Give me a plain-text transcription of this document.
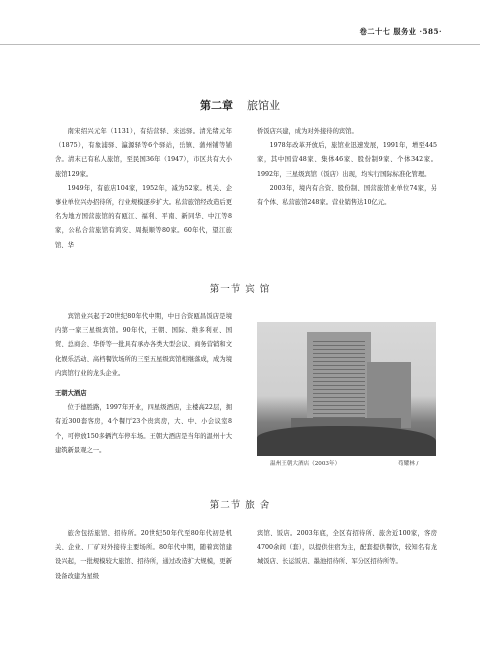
卷二十七 服务业 ·585·
第二章 旅馆业

南宋绍兴元年（1131），有结营驿、来远驿。清光绪元年（1875），有象浦驿、瀛源驿等6个驿站，岳镇、蒲州铺等铺舍。清末已有私人旅馆，至民国36年（1947），市区共有大小旅馆129家。

1949年，有旅店104家，1952年，减为52家。机关、企事业单位兴办招待所，行业规模逐步扩大。私营旅馆经改造后更名为地方国营旅馆的有瓯江、福利、平南、新同华、中江等8家，公私合营旅馆有鸿安、周振顺等80家。60年代，望江旅馆、华

侨饭店兴建，成为对外接待的宾馆。

1978年改革开放后，旅馆业迅速发展，1991年，增至445家，其中国营48家、集体46家、股份制9家、个体342家。1992年，三星级宾馆（饭店）出现，均实行国际标准化管理。

2003年，境内有合资、股份制、国营旅馆业单位74家，另有个体、私营旅馆248家。营业销售达10亿元。

第一节 宾 馆

宾馆业兴起于20世纪80年代中期，中日合资瓯昌饭店是境内第一家三星级宾馆。90年代，王朝、国际、维多利亚、国贸、总商会、华侨等一批具有承办各类大型会议、商务营销和文化娱乐活动、高档餐饮场所的三至五星级宾馆相继落成，成为境内宾馆行业的龙头企业。

王朝大酒店

位于德胜路，1997年开业，四星级酒店，主楼高22层，拥有近300套客房，4个餐厅23个贵宾房，大、中、小会议室8个，可停放150多辆汽车停车场。王朝大酒店是当年的温州十大建筑新景观之一。

温州王朝大酒店（2003年）	苟耀林 /
第二节 旅 舍

旅舍包括旅馆、招待所。20世纪50年代至80年代初是机关、企业、厂矿对外接待主要场所。80年代中期，随着宾馆建设兴起，一批规模较大旅馆、招待所，通过改造扩大规模，更新设备改建为星级

宾馆、饭店。2003年底，全区有招待所、旅舍近100家，客房4700余间（套），以提供住宿为主，配套提供餐饮，较知名有龙城饭店、长运饭店、墨池招待所、军分区招待所等。
